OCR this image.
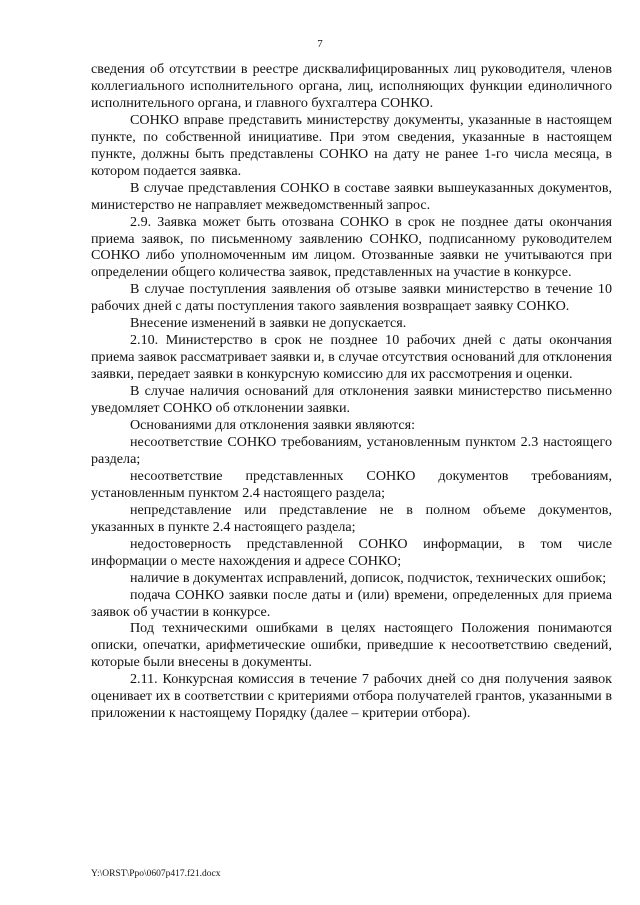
7

сведения об отсутствии в реестре дисквалифицированных лиц руководителя, членов коллегиального исполнительного органа, лиц, исполняющих функции единоличного исполнительного органа, и главного бухгалтера СОНКО.

СОНКО вправе представить министерству документы, указанные в настоящем пункте, по собственной инициативе. При этом сведения, указанные в настоящем пункте, должны быть представлены СОНКО на дату не ранее 1-го числа месяца, в котором подается заявка.

В случае представления СОНКО в составе заявки вышеуказанных документов, министерство не направляет межведомственный запрос.

2.9. Заявка может быть отозвана СОНКО в срок не позднее даты окончания приема заявок, по письменному заявлению СОНКО, подписанному руководителем СОНКО либо уполномоченным им лицом. Отозванные заявки не учитываются при определении общего количества заявок, представленных на участие в конкурсе.

В случае поступления заявления об отзыве заявки министерство в течение 10 рабочих дней с даты поступления такого заявления возвращает заявку СОНКО.

Внесение изменений в заявки не допускается.

2.10. Министерство в срок не позднее 10 рабочих дней с даты окончания приема заявок рассматривает заявки и, в случае отсутствия оснований для отклонения заявки, передает заявки в конкурсную комиссию для их рассмотрения и оценки.

В случае наличия оснований для отклонения заявки министерство письменно уведомляет СОНКО об отклонении заявки.

Основаниями для отклонения заявки являются:

несоответствие СОНКО требованиям, установленным пунктом 2.3 настоящего раздела;

несоответствие представленных СОНКО документов требованиям, установленным пунктом 2.4 настоящего раздела;

непредставление или представление не в полном объеме документов, указанных в пункте 2.4 настоящего раздела;

недостоверность представленной СОНКО информации, в том числе информации о месте нахождения и адресе СОНКО;

наличие в документах исправлений, дописок, подчисток, технических ошибок;

подача СОНКО заявки после даты и (или) времени, определенных для приема заявок об участии в конкурсе.

Под техническими ошибками в целях настоящего Положения понимаются описки, опечатки, арифметические ошибки, приведшие к несоответствию сведений, которые были внесены в документы.

2.11. Конкурсная комиссия в течение 7 рабочих дней со дня получения заявок оценивает их в соответствии с критериями отбора получателей грантов, указанными в приложении к настоящему Порядку (далее – критерии отбора).

Y:\ORST\Ppo\0607p417.f21.docx
